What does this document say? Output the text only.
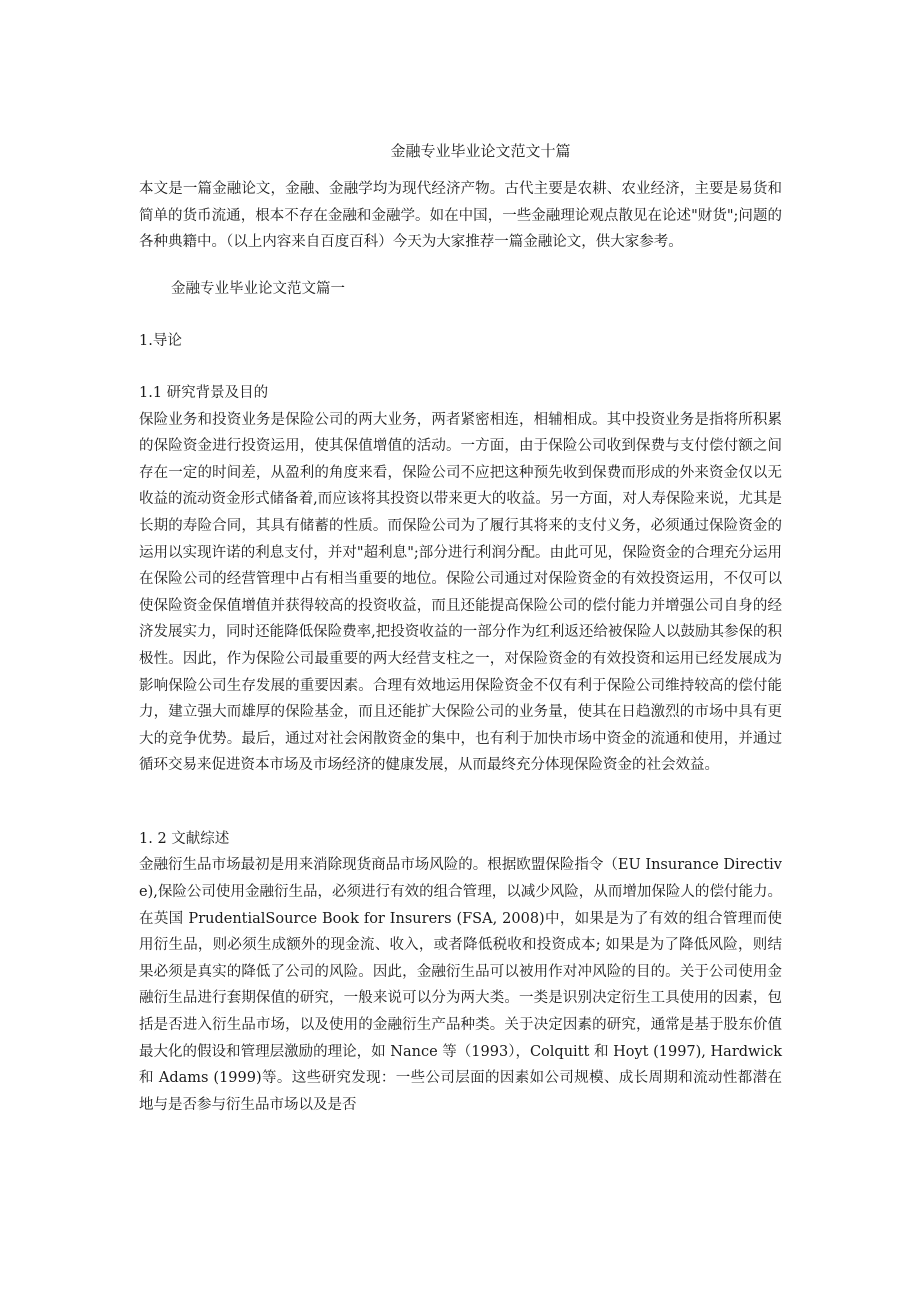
金融专业毕业论文范文十篇

本文是一篇金融论文，金融、金融学均为现代经济产物。古代主要是农耕、农业经济，主要是易货和简单的货币流通，根本不存在金融和金融学。如在中国，一些金融理论观点散见在论述"财货";问题的各种典籍中。（以上内容来自百度百科）今天为大家推荐一篇金融论文，供大家参考。

金融专业毕业论文范文篇一
1.导论
1.1 研究背景及目的

保险业务和投资业务是保险公司的两大业务，两者紧密相连，相辅相成。其中投资业务是指将所积累的保险资金进行投资运用，使其保值增值的活动。一方面，由于保险公司收到保费与支付偿付额之间存在一定的时间差，从盈利的角度来看，保险公司不应把这种预先收到保费而形成的外来资金仅以无收益的流动资金形式储备着,而应该将其投资以带来更大的收益。另一方面，对人寿保险来说，尤其是长期的寿险合同，其具有储蓄的性质。而保险公司为了履行其将来的支付义务，必须通过保险资金的运用以实现许诺的利息支付，并对"超利息";部分进行利润分配。由此可见，保险资金的合理充分运用在保险公司的经营管理中占有相当重要的地位。保险公司通过对保险资金的有效投资运用，不仅可以使保险资金保值增值并获得较高的投资收益，而且还能提高保险公司的偿付能力并增强公司自身的经济发展实力，同时还能降低保险费率,把投资收益的一部分作为红利返还给被保险人以鼓励其参保的积极性。因此，作为保险公司最重要的两大经营支柱之一，对保险资金的有效投资和运用已经发展成为影响保险公司生存发展的重要因素。合理有效地运用保险资金不仅有利于保险公司维持较高的偿付能力，建立强大而雄厚的保险基金，而且还能扩大保险公司的业务量，使其在日趋激烈的市场中具有更大的竞争优势。最后，通过对社会闲散资金的集中，也有利于加快市场中资金的流通和使用，并通过循环交易来促进资本市场及市场经济的健康发展，从而最终充分体现保险资金的社会效益。

1. 2 文献综述

金融衍生品市场最初是用来消除现货商品市场风险的。根据欧盟保险指令（EU Insurance Directive),保险公司使用金融衍生品，必须进行有效的组合管理，以减少风险，从而增加保险人的偿付能力。在英国 PrudentialSource Book for Insurers (FSA, 2008)中，如果是为了有效的组合管理而使用衍生品，则必须生成额外的现金流、收入，或者降低税收和投资成本; 如果是为了降低风险，则结果必须是真实的降低了公司的风险。因此，金融衍生品可以被用作对冲风险的目的。关于公司使用金融衍生品进行套期保值的研究，一般来说可以分为两大类。一类是识别决定衍生工具使用的因素，包括是否进入衍生品市场，以及使用的金融衍生产品种类。关于决定因素的研究，通常是基于股东价值最大化的假设和管理层激励的理论，如 Nance 等（1993），Colquitt 和 Hoyt (1997), Hardwick 和 Adams (1999)等。这些研究发现：一些公司层面的因素如公司规模、成长周期和流动性都潜在地与是否参与衍生品市场以及是否
